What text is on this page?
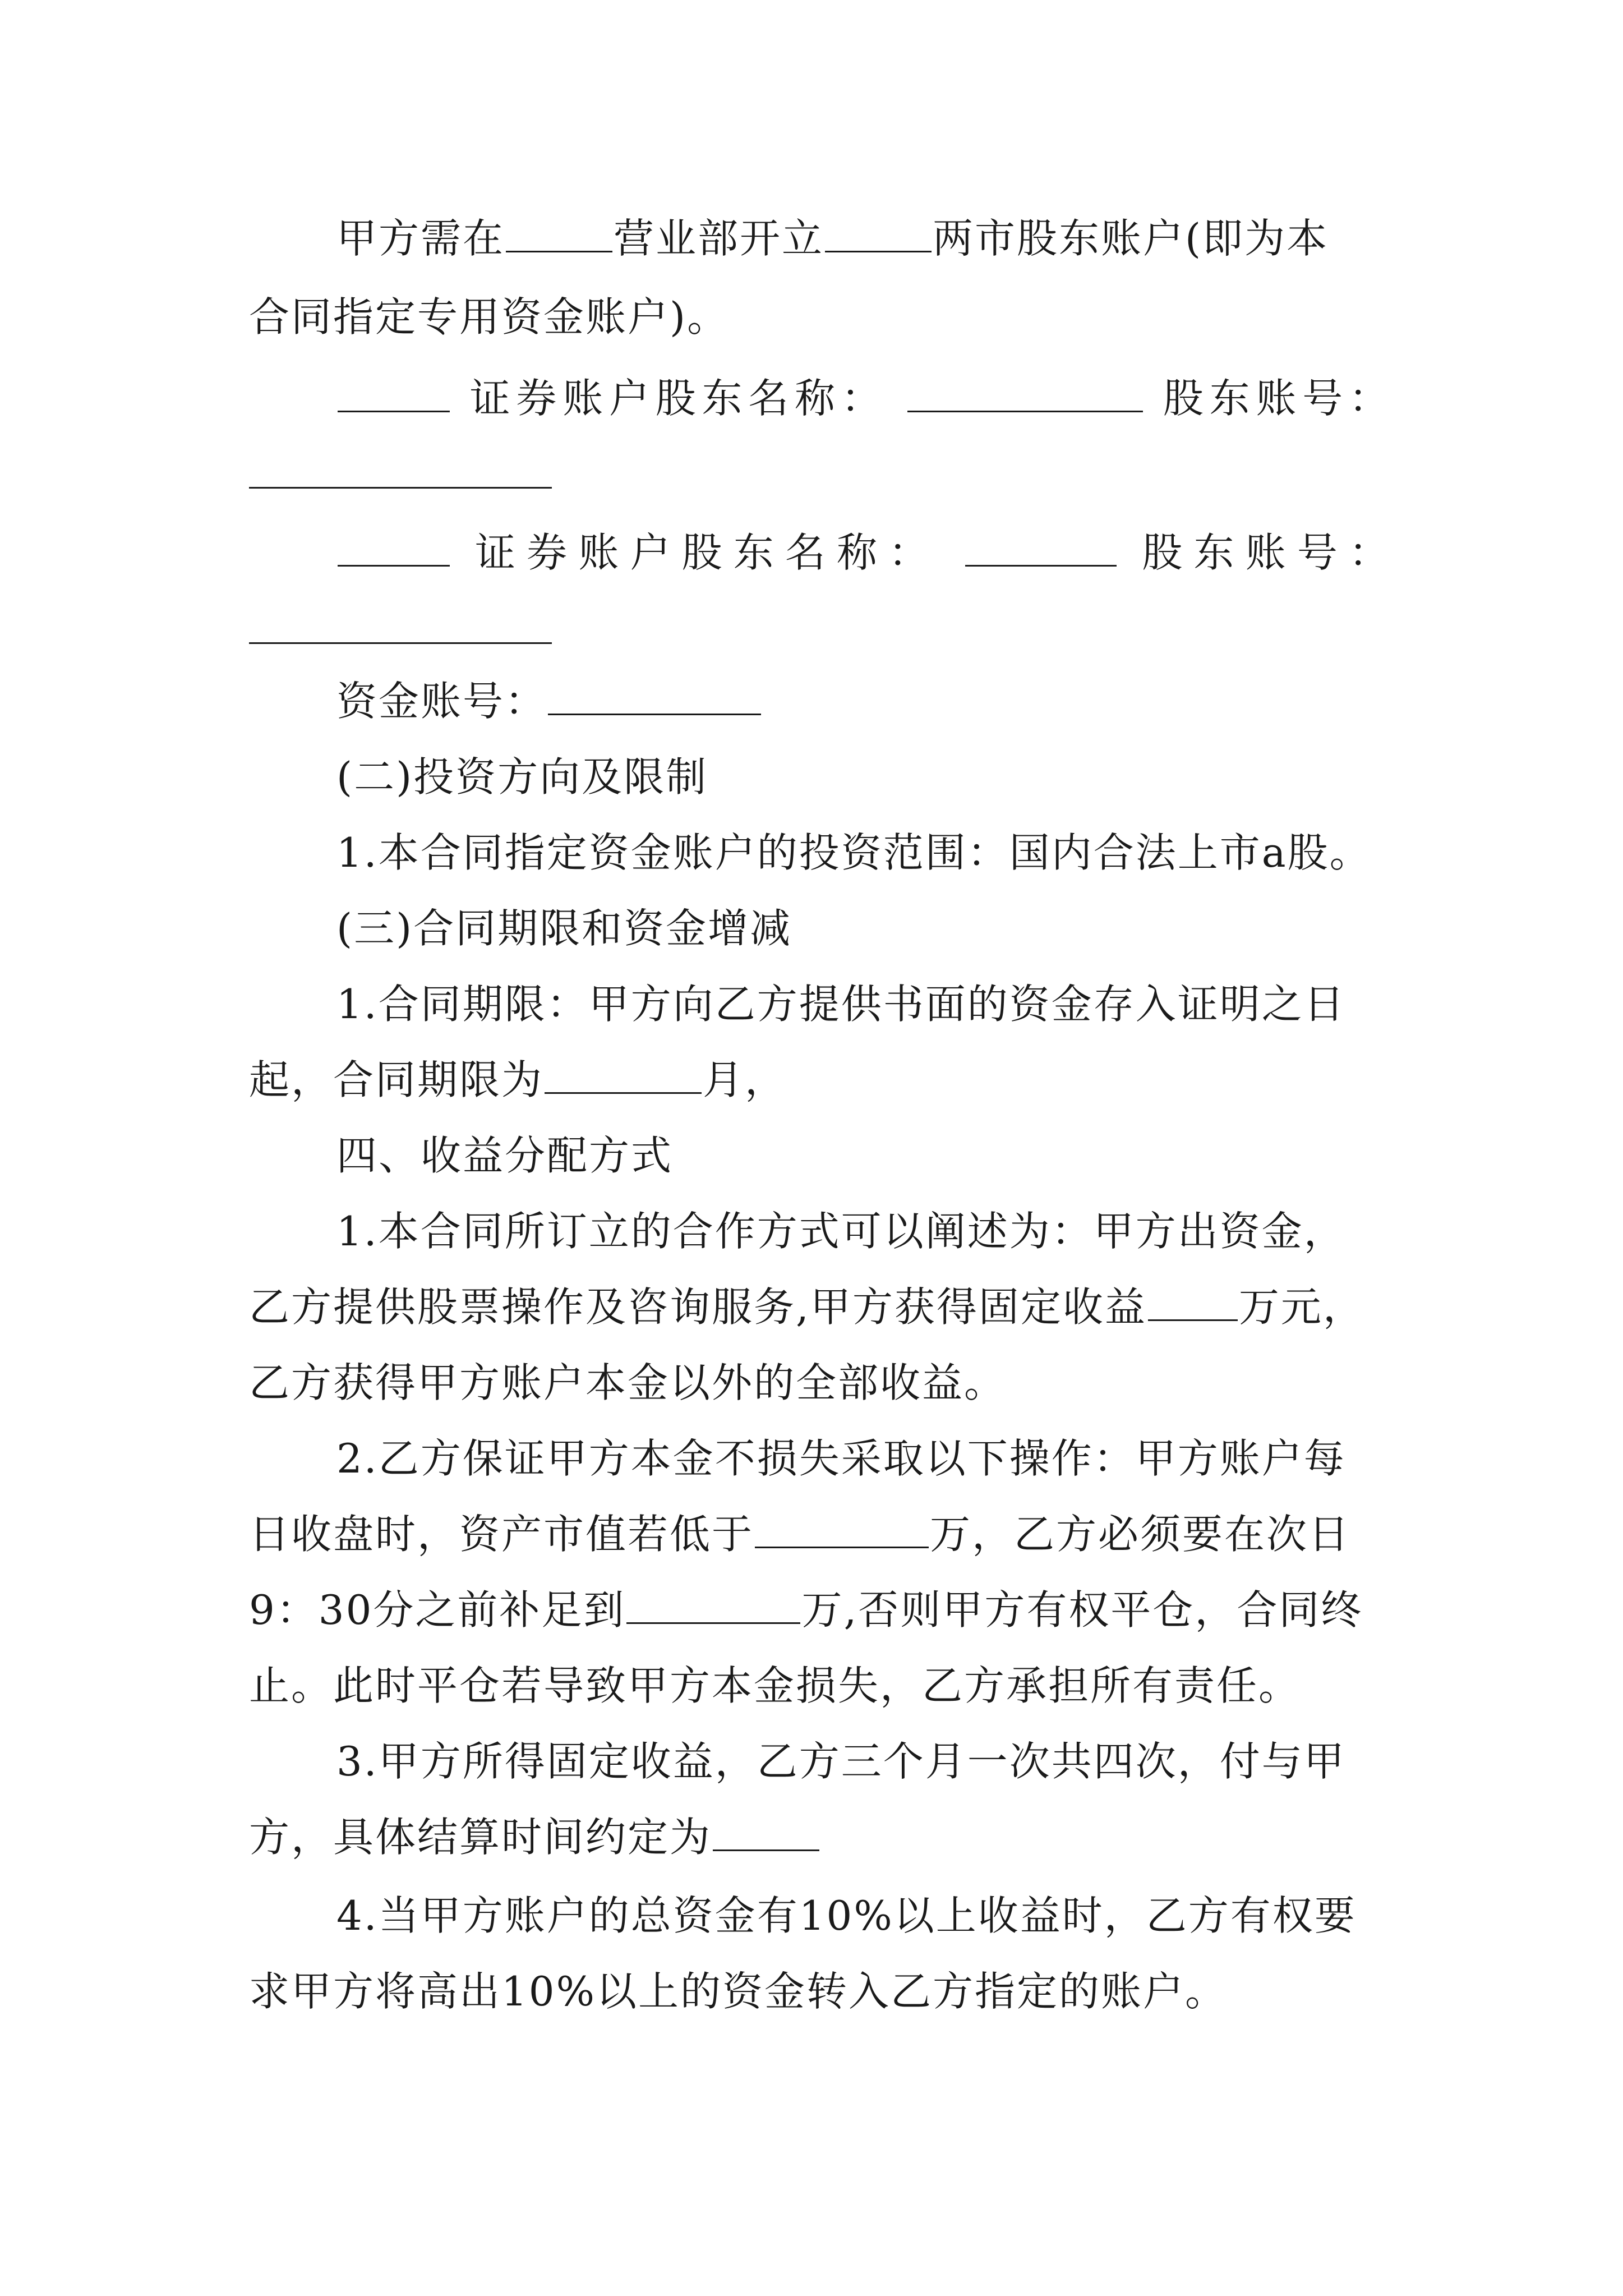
甲方需在	营业部开立	两市股东账户(即为本
合同指定专用资金账户)。
证券账户股东名称：	股东账号：
证券账户股东名称：	股东账号：
资金账号：
(二)投资方向及限制
1.本合同指定资金账户的投资范围：国内合法上市a股。
(三)合同期限和资金增减
1.合同期限：甲方向乙方提供书面的资金存入证明之日
起，合同期限为	月，
四、收益分配方式
1.本合同所订立的合作方式可以阐述为：甲方出资金，
乙方提供股票操作及咨询服务,甲方获得固定收益 万元，
乙方获得甲方账户本金以外的全部收益。
2.乙方保证甲方本金不损失采取以下操作：甲方账户每
日收盘时，资产市值若低于	万，乙方必须要在次日
9：30分之前补足到	万,否则甲方有权平仓，合同终
止。此时平仓若导致甲方本金损失，乙方承担所有责任。
3.甲方所得固定收益，乙方三个月一次共四次，付与甲
方，具体结算时间约定为
4.当甲方账户的总资金有10%以上收益时，乙方有权要
求甲方将高出10%以上的资金转入乙方指定的账户。
